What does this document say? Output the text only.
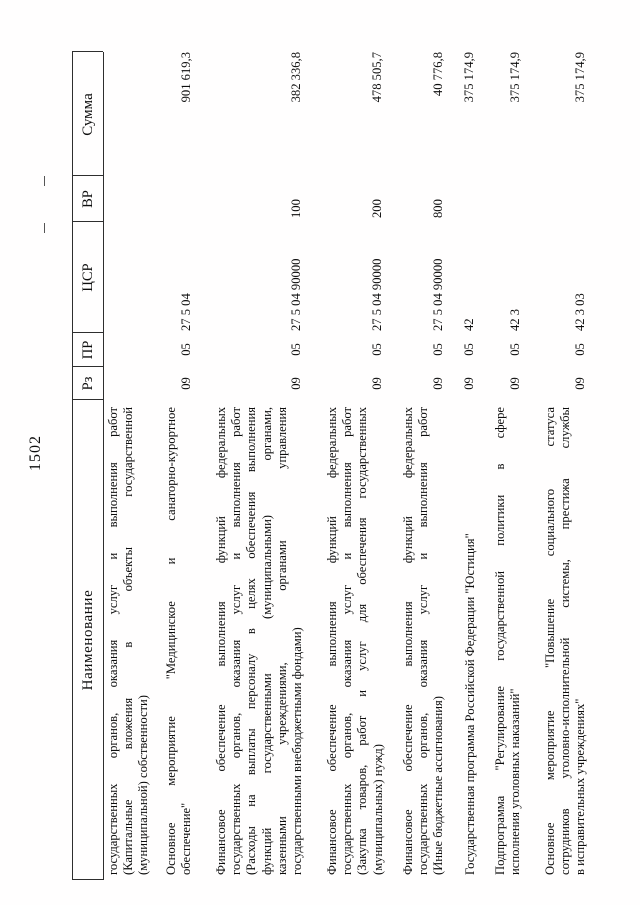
1502
Наименование
Рз
ПР
ЦСР
ВР
Сумма
государственных органов, оказания услуг и выполнения работ (Капитальные вложения в объекты государственной (муниципальной) собственности) Основное мероприятие "Медицинское и санаторно-курортное обеспечение"
09
05
27 5 04
901 619,3
Финансовое обеспечение выполнения функций федеральных государственных органов, оказания услуг и выполнения работ (Расходы на выплаты персоналу в целях обеспечения выполнения функций государственными (муниципальными) органами, казенными учреждениями, органами управления государственными внебюджетными фондами)
09
05
27 5 04 90000
100
382 336,8
Финансовое обеспечение выполнения функций федеральных государственных органов, оказания услуг и выполнения работ (Закупка товаров, работ и услуг для обеспечения государственных (муниципальных) нужд)
09
05
27 5 04 90000
200
478 505,7
Финансовое обеспечение выполнения функций федеральных государственных органов, оказания услуг и выполнения работ (Иные бюджетные ассигнования)
09
05
27 5 04 90000
800
40 776,8
Государственная программа Российской Федерации "Юстиция"
09
05
42
375 174,9
Подпрограмма "Регулирование государственной политики в сфере исполнения уголовных наказаний"
09
05
42 3
375 174,9
Основное мероприятие "Повышение социального статуса сотрудников уголовно-исполнительной системы, престижа службы в исправительных учреждениях"
09
05
42 3 03
375 174,9
